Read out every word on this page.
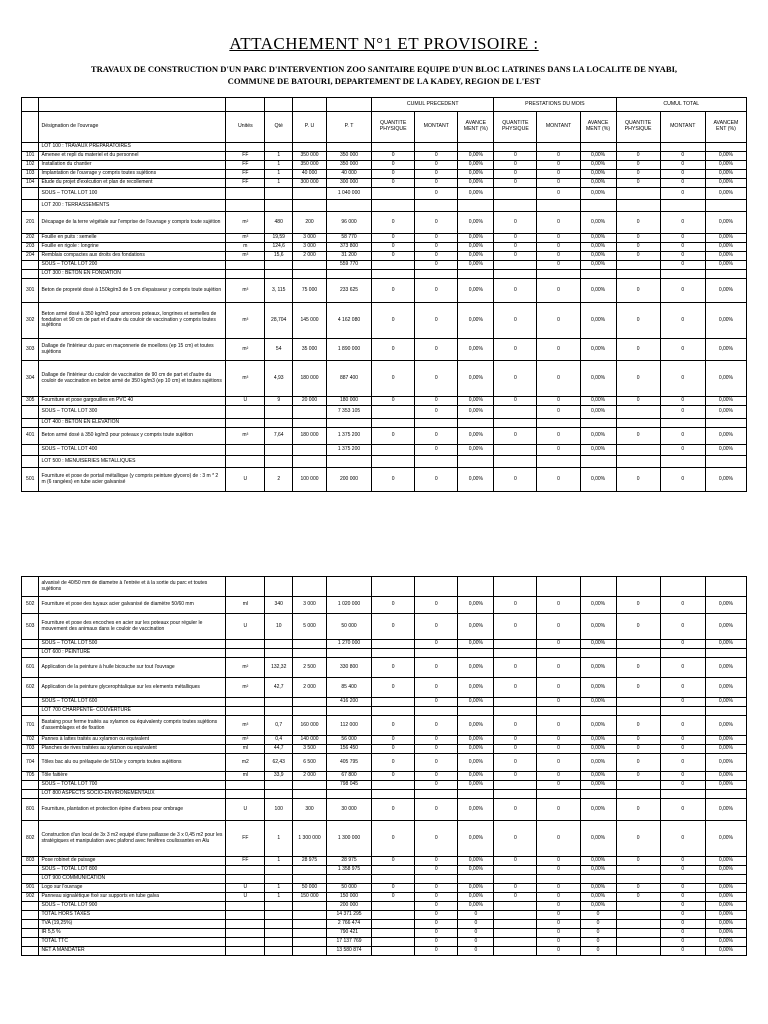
ATTACHEMENT N°1 ET PROVISOIRE :
TRAVAUX DE CONSTRUCTION D'UN PARC D'INTERVENTION ZOO SANITAIRE EQUIPE D'UN BLOC LATRINES DANS LA LOCALITE DE NYABI,
COMMUNE DE BATOURI, DEPARTEMENT DE LA KADEY, REGION DE L'EST
						CUMUL PRECEDENT			PRESTATIONS DU MOIS			CUMUL TOTAL		
	Désignation de l'ouvrage	Unités	Qté	P. U	P. T	QUANTITE PHYSIQUE	MONTANT	AVANCE MENT (%)	QUANTITE PHYSIQUE	MONTANT	AVANCE MENT (%)	QUANTITE PHYSIQUE	MONTANT	AVANCEM ENT (%)
	LOT 100 : TRAVAUX PREPARATOIRES													
101	Amenee et repli du materiel et du personnel	FF	1	350 000	350 000	0	0	0,00%	0	0	0,00%	0	0	0,00%
102	Installation du chantier	FF	1	350 000	350 000	0	0	0,00%	0	0	0,00%	0	0	0,00%
103	Implantation de l'ouvrage y compris toutes sujétions	FF	1	40 000	40 000	0	0	0,00%	0	0	0,00%	0	0	0,00%
104	Etude du projet d'exécution et plan de recollement	FF	1	300 000	300 000	0	0	0,00%	0	0	0,00%	0	0	0,00%
	SOUS – TOTAL LOT 100				1 040 000		0	0,00%		0	0,00%		0	0,00%
	LOT 200 : TERRASSEMENTS													
201	Décapage de la terre végétale sur l'emprise de l'ouvrage y compris toute sujétion	m²	480	200	96 000	0	0	0,00%	0	0	0,00%	0	0	0,00%
202	Fouille en puits : semelle	m³	19,59	3 000	58 770	0	0	0,00%	0	0	0,00%	0	0	0,00%
203	Fouille en rigole : longrine	m	124,6	3 000	373 800	0	0	0,00%	0	0	0,00%	0	0	0,00%
204	Remblais compactes aux droits des fondations	m³	15,6	2 000	31 200	0	0	0,00%	0	0	0,00%	0	0	0,00%
	SOUS – TOTAL LOT 200				559 770		0	0,00%		0	0,00%		0	0,00%
	LOT 300 : BETON EN FONDATION													
301	Beton de propreté dosé à 150kg/m3 de 5 cm d'epaisseur y compris toute sujétion	m³	3, 115	75 000	233 625	0	0	0,00%	0	0	0,00%	0	0	0,00%
302	Beton armé dosé à 350 kg/m3 pour amorces poteaux, longrines et semelles de fondation et 90 cm de part et d'autre du couloir de vaccination y compris toutes sujétions	m³	28,704	145 000	4 162 080	0	0	0,00%	0	0	0,00%	0	0	0,00%
303	Dallage de l'intérieur du parc en maçonnerie de moellons (ep 15 cm) et toutes sujétions	m²	54	35 000	1 890 000	0	0	0,00%	0	0	0,00%	0	0	0,00%
304	Dallage de l'intérieur du couloir de vaccination de 90 cm de part et d'autre du couloir de vaccination en beton armé de 350 kg/m3 (ep 10 cm) et toutes sujétions	m³	4,93	180 000	887 400	0	0	0,00%	0	0	0,00%	0	0	0,00%
305	Fourniture et pose gargouilles en PVC 40	U	9	20 000	180 000	0	0	0,00%	0	0	0,00%	0	0	0,00%
	SOUS – TOTAL LOT 300				7 353 105		0	0,00%		0	0,00%		0	0,00%
	LOT 400 : BETON EN ELEVATION													
401	Beton armé dosé à 350 kg/m3 pour poteaux y compris toute sujétion	m³	7,64	180 000	1 375 200	0	0	0,00%	0	0	0,00%	0	0	0,00%
	SOUS – TOTAL LOT 400				1 375 200		0	0,00%		0	0,00%		0	0,00%
	LOT 500 : MENUISERIES METALLIQUES													
501	Fourniture et pose de portail métallique (y compris peinture glycero) de : 3 m * 2 m (6 rangées) en tube acier galvanisé	U	2	100 000	200 000	0	0	0,00%	0	0	0,00%	0	0	0,00%
	alvanisé de 40/50 mm de diametre à l'entrée et à la sortie du parc et toutes sujétions													
502	Fourniture et pose des tuyaux acier galvanisé de diamètre 50/60 mm	ml	340	3 000	1 020 000	0	0	0,00%	0	0	0,00%	0	0	0,00%
503	Fourniture et pose des encoches en acier sur les poteaux pour réguler le mouvement des animaux dans le couloir de vaccination	U	10	5 000	50 000	0	0	0,00%	0	0	0,00%	0	0	0,00%
	SOUS – TOTAL LOT 500				1 270 000		0	0,00%		0	0,00%		0	0,00%
	LOT 600 : PEINTURE													
601	Application de la peinture à huile bicouche sur tout l'ouvrage	m²	132,32	2 500	330 800	0	0	0,00%	0	0	0,00%	0	0	0,00%
602	Application de la peinture glycerophtalique sur les elements métalliques	m²	42,7	2 000	85 400	0	0	0,00%	0	0	0,00%	0	0	0,00%
	SOUS – TOTAL LOT 600				416 200		0	0,00%		0	0,00%		0	0,00%
	LOT 700 CHARPENTE- COUVERTURE													
701	Bastaing pour ferme traités au xylamon ou équivalenty compris toutes sujétions d'assemblages et de fixation	m³	0,7	160 000	112 000	0	0	0,00%	0	0	0,00%	0	0	0,00%
702	Pannes à lattes traités au xylamon ou equivalent	m³	0,4	140 000	56 000	0	0	0,00%	0	0	0,00%	0	0	0,00%
703	Planches de rives traitées au xylamon ou equivalent	ml	44,7	3 500	156 450	0	0	0,00%	0	0	0,00%	0	0	0,00%
704	Tôles bac alu ou prélaquée de 5/10e y compris toutes sujétions	m2	62,43	6 500	405 795	0	0	0,00%	0	0	0,00%	0	0	0,00%
705	Tôle faitière	ml	33,9	2 000	67 800	0	0	0,00%	0	0	0,00%	0	0	0,00%
	SOUS – TOTAL LOT 700				798 045		0	0,00%		0	0,00%		0	0,00%
	LOT 800 ASPECTS SOCIO-ENVIRONEMENTAUX													
801	Fourniture, plantation et protection épine d'arbres pour ombrage	U	100	300	30 000	0	0	0,00%	0	0	0,00%	0	0	0,00%
802	Construction d'un local de 3x 3 m2 equipé d'une paillasse de 3 x 0,45 m2 pour les stratégiques et manipulation avec plafond avec fenêtres coulissantes en Alu	FF	1	1 300 000	1 300 000	0	0	0,00%	0	0	0,00%	0	0	0,00%
803	Pose robinet de puisage	FF	1	28 975	28 975	0	0	0,00%	0	0	0,00%	0	0	0,00%
	SOUS – TOTAL LOT 800				1 358 975		0	0,00%		0	0,00%		0	0,00%
	LOT 900 COMMUNICATION													
901	Logo sur l'ouvrage	U	1	50 000	50 000	0	0	0,00%	0	0	0,00%	0	0	0,00%
902	Panneau signalétique fixé sur supports en tube galva	U	1	150 000	150 000	0	0	0,00%	0	0	0,00%	0	0	0,00%
	SOUS – TOTAL LOT 900				200 000		0	0,00%		0	0,00%		0	0,00%
	TOTAL HORS TAXES				14 371 295		0	0		0	0		0	0,00%
	TVA (19,25%)				2 766 474		0	0		0	0		0	0,00%
	IR 5,5 %				790 421		0	0		0	0		0	0,00%
	TOTAL TTC				17 137 769		0	0		0	0		0	0,00%
	NET A MANDATER				13 580 874		0	0		0	0		0	0,00%
